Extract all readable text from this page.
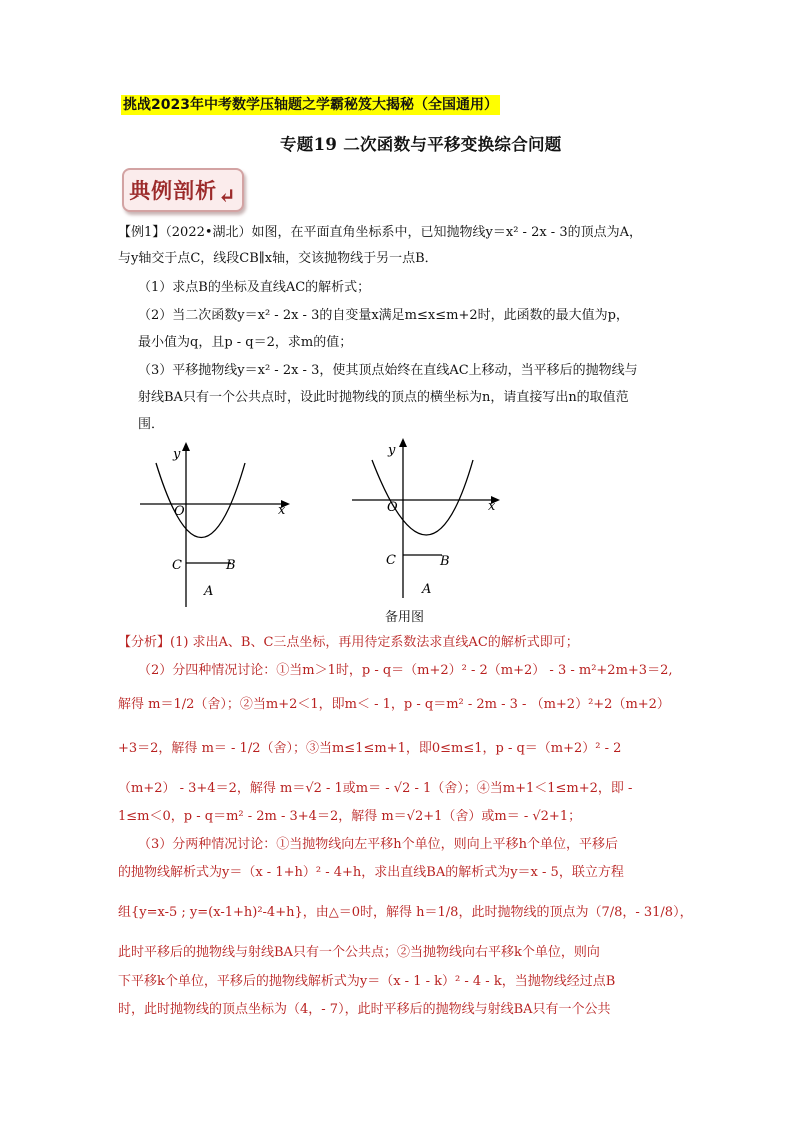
挑战2023年中考数学压轴题之学霸秘笈大揭秘（全国通用）
专题19 二次函数与平移变换综合问题
典例剖析 ↵
【例1】（2022•湖北）如图，在平面直角坐标系中，已知抛物线y＝x² - 2x - 3的顶点为A，
与y轴交于点C，线段CB∥x轴，交该抛物线于另一点B．
（1）求点B的坐标及直线AC的解析式；
（2）当二次函数y＝x² - 2x - 3的自变量x满足m≤x≤m+2时，此函数的最大值为p，
最小值为q，且p - q＝2，求m的值；
（3）平移抛物线y＝x² - 2x - 3，使其顶点始终在直线AC上移动，当平移后的抛物线与
射线BA只有一个公共点时，设此时抛物线的顶点的横坐标为n，请直接写出n的取值范
围．
y
x
O
C	B
A
y
x
O
C	B
A
备用图
【分析】(1) 求出A、B、C三点坐标，再用待定系数法求直线AC的解析式即可；
（2）分四种情况讨论：①当m＞1时，p - q＝（m+2）² - 2（m+2） - 3 - m²+2m+3＝2,
解得 m＝1/2（舍）；②当m+2＜1，即m＜ - 1，p - q＝m² - 2m - 3 - （m+2）²+2（m+2）
+3＝2，解得 m＝ - 1/2（舍）；③当m≤1≤m+1，即0≤m≤1，p - q＝（m+2）² - 2
（m+2） - 3+4＝2，解得 m＝√2 - 1或m＝ - √2 - 1（舍）；④当m+1＜1≤m+2，即 -
1≤m＜0，p - q＝m² - 2m - 3+4＝2，解得 m＝√2+1（舍）或m＝ - √2+1；
（3）分两种情况讨论：①当抛物线向左平移h个单位，则向上平移h个单位，平移后
的抛物线解析式为y＝（x - 1+h）² - 4+h，求出直线BA的解析式为y＝x - 5，联立方程
组{y=x-5 ; y=(x-1+h)²-4+h}，由△＝0时，解得 h＝1/8，此时抛物线的顶点为（7/8，- 31/8），
此时平移后的抛物线与射线BA只有一个公共点；②当抛物线向右平移k个单位，则向
下平移k个单位，平移后的抛物线解析式为y＝（x - 1 - k）² - 4 - k，当抛物线经过点B
时，此时抛物线的顶点坐标为（4，- 7），此时平移后的抛物线与射线BA只有一个公共
